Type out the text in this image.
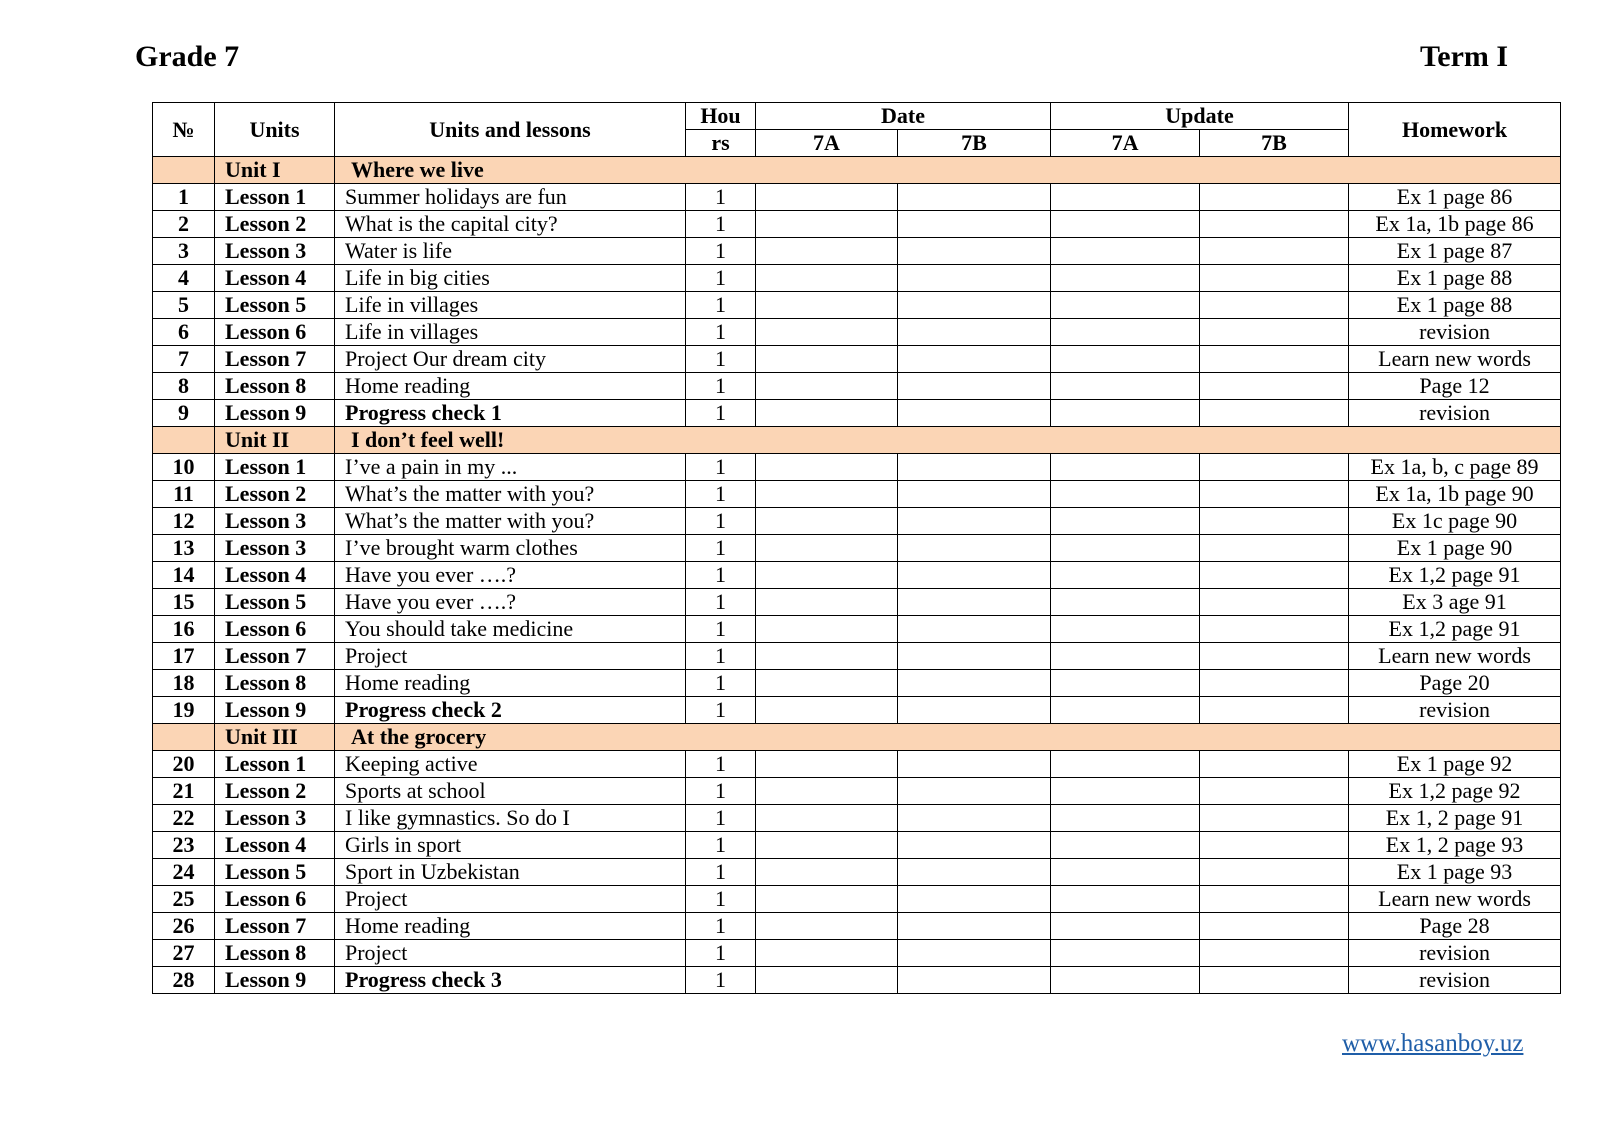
Grade 7	Term I
№	Units	Units and lessons	Hou	Date		Update		Homework
			rs	7A	7B	7A	7B	
	Unit I	Where we live						
1	Lesson 1	Summer holidays are fun	1					Ex 1 page 86
2	Lesson 2	What is the capital city?	1					Ex 1a, 1b page 86
3	Lesson 3	Water is life	1					Ex 1 page 87
4	Lesson 4	Life in big cities	1					Ex 1 page 88
5	Lesson 5	Life in villages	1					Ex 1 page 88
6	Lesson 6	Life in villages	1					revision
7	Lesson 7	Project Our dream city	1					Learn new words
8	Lesson 8	Home reading	1					Page 12
9	Lesson 9	Progress check 1	1					revision
	Unit II	I don’t feel well!						
10	Lesson 1	I’ve a pain in my ...	1					Ex 1a, b, c page 89
11	Lesson 2	What’s the matter with you?	1					Ex 1a, 1b page 90
12	Lesson 3	What’s the matter with you?	1					Ex 1c page 90
13	Lesson 3	I’ve brought warm clothes	1					Ex 1 page 90
14	Lesson 4	Have you ever ….?	1					Ex 1,2 page 91
15	Lesson 5	Have you ever ….?	1					Ex 3 age 91
16	Lesson 6	You should take medicine	1					Ex 1,2 page 91
17	Lesson 7	Project	1					Learn new words
18	Lesson 8	Home reading	1					Page 20
19	Lesson 9	Progress check 2	1					revision
	Unit III	At the grocery						
20	Lesson 1	Keeping active	1					Ex 1 page 92
21	Lesson 2	Sports at school	1					Ex 1,2 page 92
22	Lesson 3	I like gymnastics. So do I	1					Ex 1, 2 page 91
23	Lesson 4	Girls in sport	1					Ex 1, 2 page 93
24	Lesson 5	Sport in Uzbekistan	1					Ex 1 page 93
25	Lesson 6	Project	1					Learn new words
26	Lesson 7	Home reading	1					Page 28
27	Lesson 8	Project	1					revision
28	Lesson 9	Progress check 3	1					revision
www.hasanboy.uz
